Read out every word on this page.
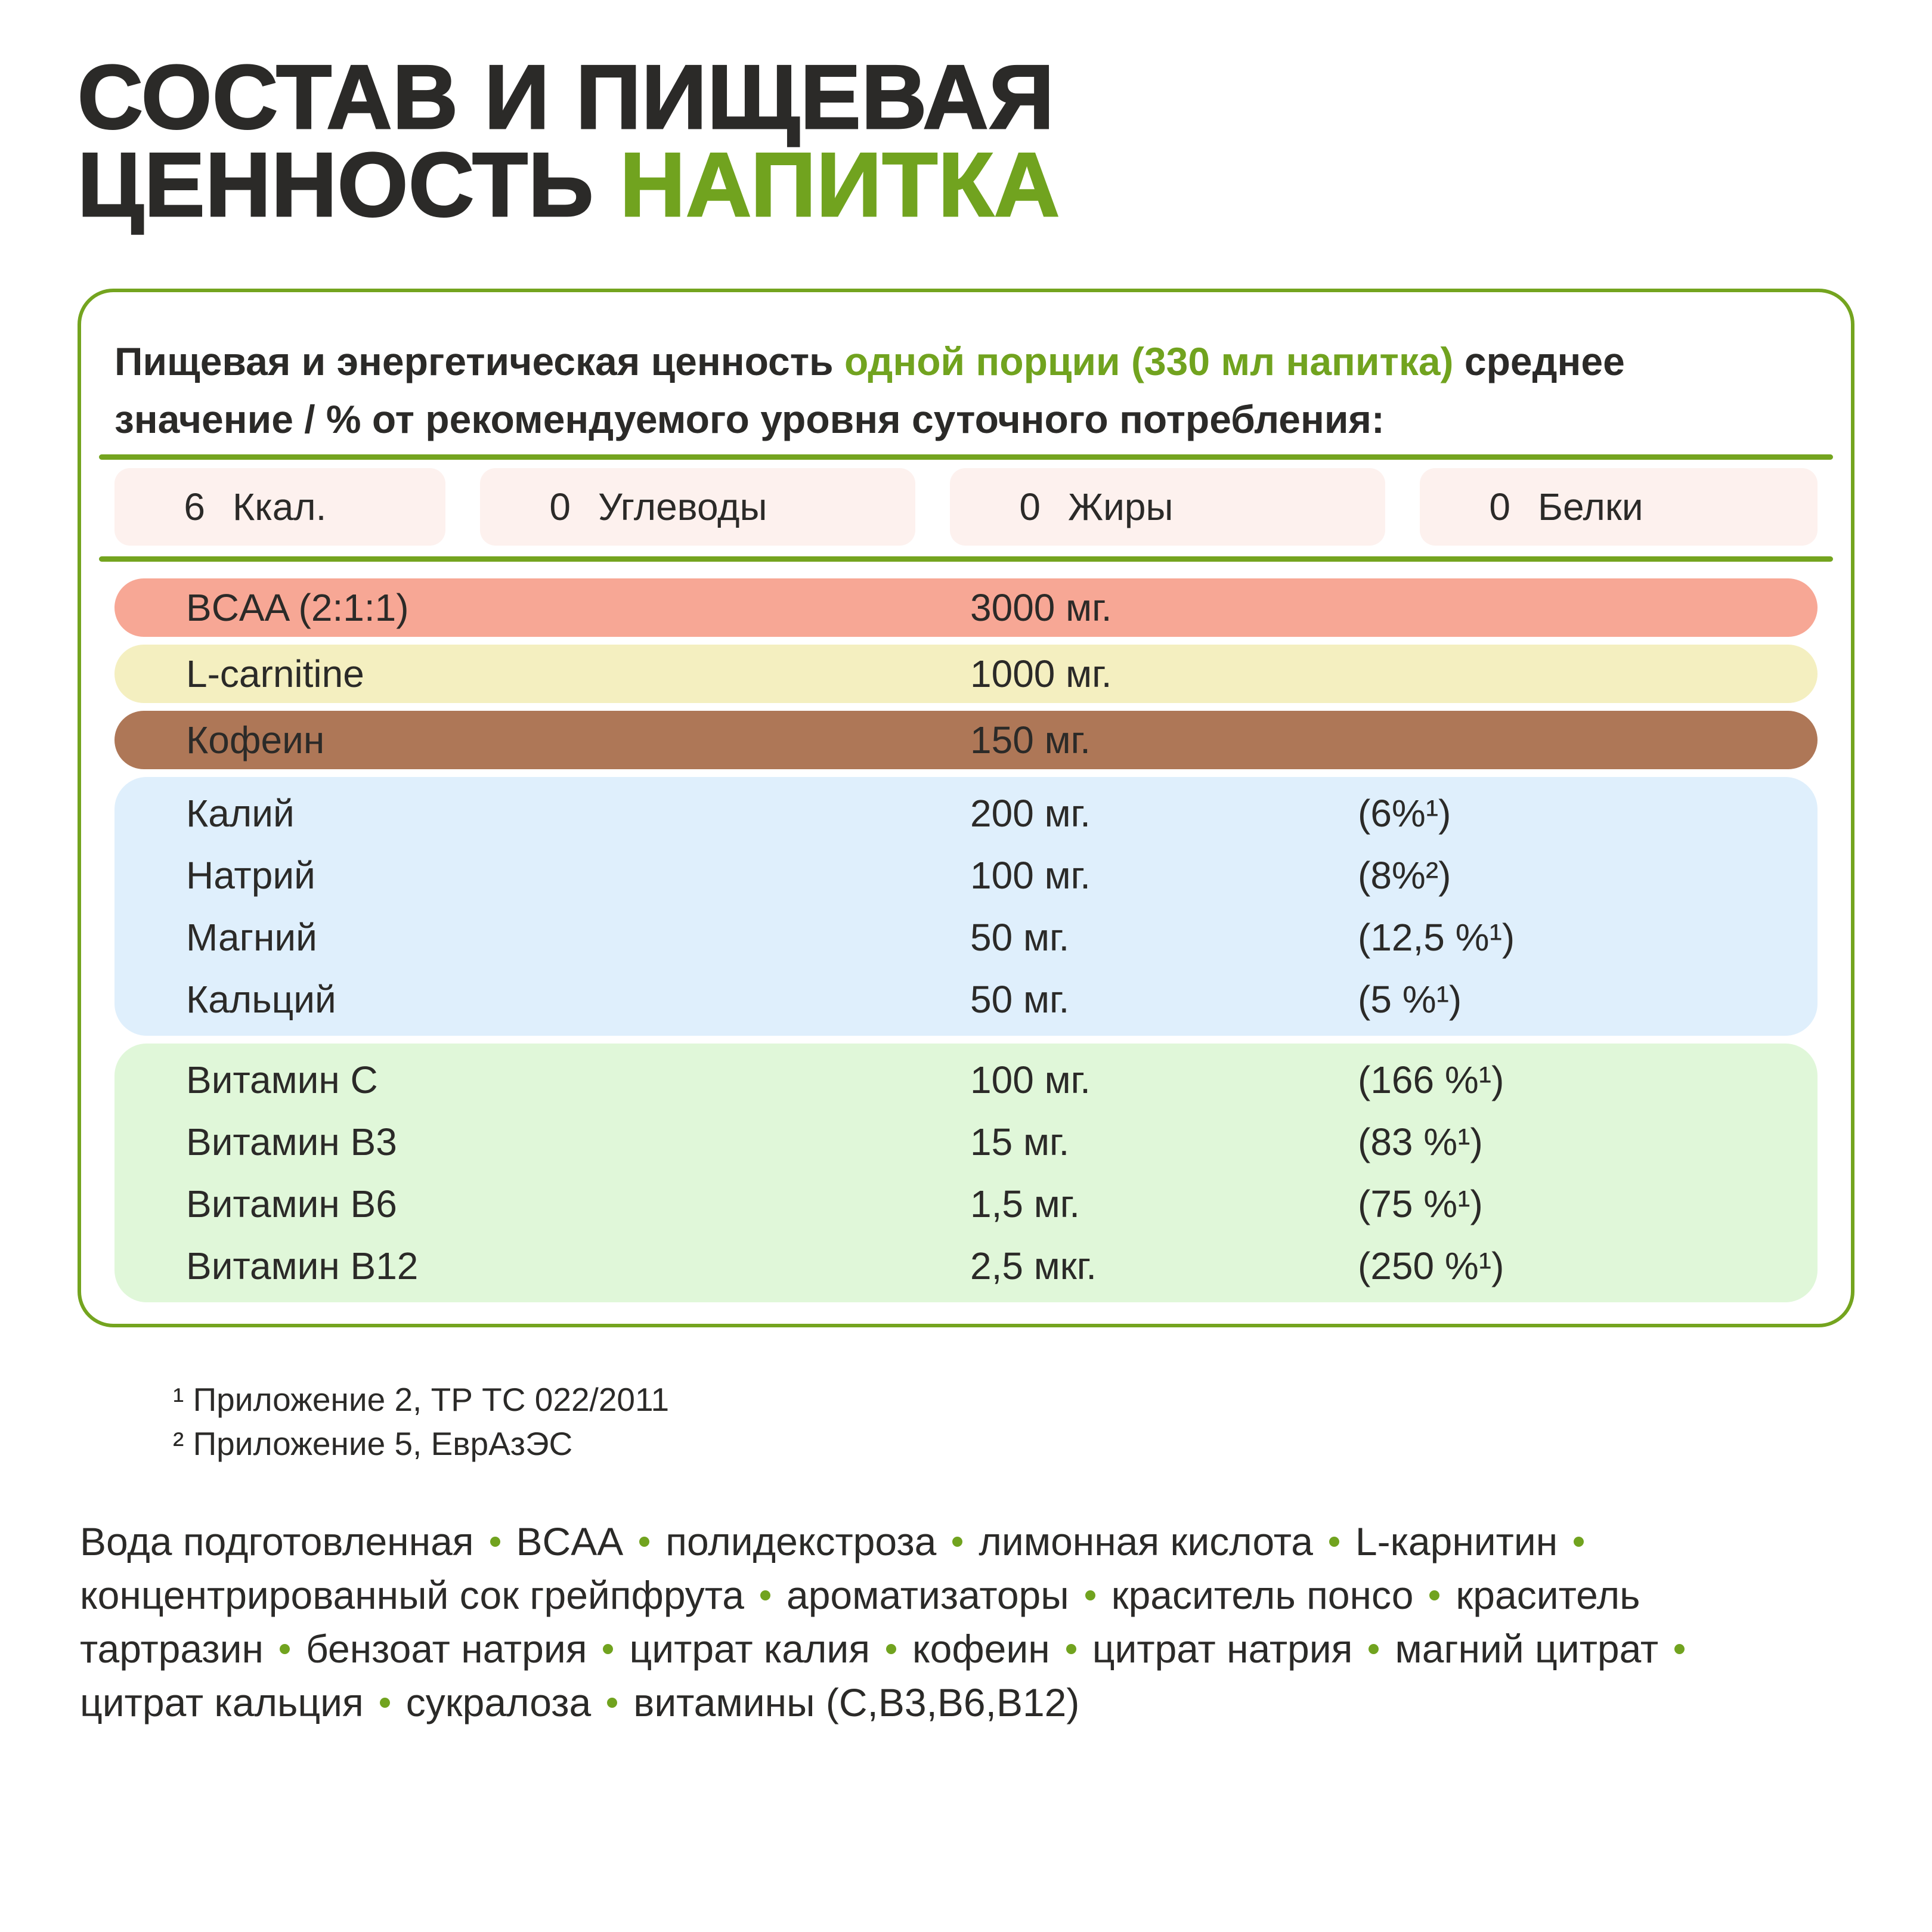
СОСТАВ И ПИЩЕВАЯ
ЦЕННОСТЬ НАПИТКА

Пищевая и энергетическая ценность одной порции (330 мл напитка) среднее значение / % от рекомендуемого уровня суточного потребления:

6 Ккал.	0 Углеводы	0 Жиры	0 Белки
BCAA (2:1:1)	3000 мг.
L-carnitine	1000 мг.
Кофеин	150 мг.
Калий	200 мг.	(6%¹)
Натрий	100 мг.	(8%²)
Магний	50 мг.	(12,5 %¹)
Кальций	50 мг.	(5 %¹)
Витамин C	100 мг.	(166 %¹)
Витамин B3	15 мг.	(83 %¹)
Витамин B6	1,5 мг.	(75 %¹)
Витамин B12	2,5 мкг.	(250 %¹)

¹ Приложение 2, ТР ТС 022/2011

² Приложение 5, ЕврАзЭС

Вода подготовленная BCAA полидекстроза лимонная кислота L-карнитинконцентрированный сок грейпфрута ароматизаторы краситель понсо краситель тартразин бензоат натрия цитрат калия кофеин цитрат натрия магний цитратцитрат кальция сукралоза витамины (C,B3,B6,B12)
